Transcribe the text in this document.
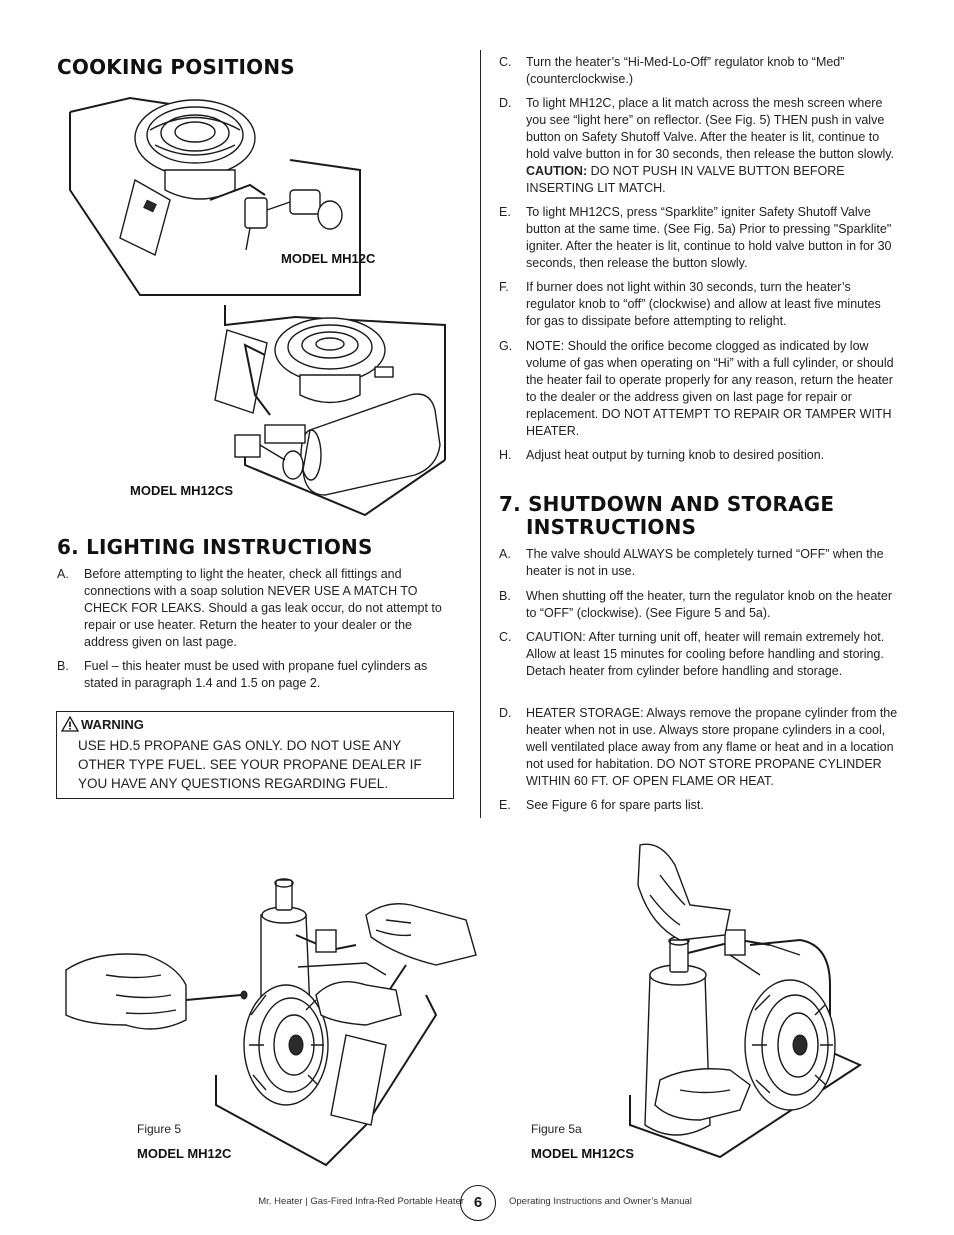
COOKING POSITIONS
MODEL MH12C
MODEL MH12CS
6. LIGHTING INSTRUCTIONS
A. Before attempting to light the heater, check all fittings and connections with a soap solution NEVER USE A MATCH TO CHECK FOR LEAKS. Should a gas leak occur, do not attempt to repair or use heater. Return the heater to your dealer or the address given on last page.
B. Fuel – this heater must be used with propane fuel cylinders as stated in paragraph 1.4 and 1.5 on page 2.
WARNING
USE HD.5 PROPANE GAS ONLY. DO NOT USE ANY OTHER TYPE FUEL. SEE YOUR PROPANE DEALER IF YOU HAVE ANY QUESTIONS REGARDING FUEL.
C. Turn the heater’s “Hi-Med-Lo-Off” regulator knob to “Med” (counterclockwise.)
D. To light MH12C, place a lit match across the mesh screen where you see “light here” on reflector. (See Fig. 5) THEN push in valve button on Safety Shutoff Valve. After the heater is lit, continue to hold valve button in for 30 seconds, then release the button slowly. CAUTION: DO NOT PUSH IN VALVE BUTTON BEFORE INSERTING LIT MATCH.
E. To light MH12CS, press “Sparklite” igniter Safety Shutoff Valve button at the same time. (See Fig. 5a) Prior to pressing "Sparklite" igniter. After the heater is lit, continue to hold valve button in for 30 seconds, then release the button slowly.
F. If burner does not light within 30 seconds, turn the heater’s regulator knob to “off” (clockwise) and allow at least five minutes for gas to dissipate before attempting to relight.
G. NOTE: Should the orifice become clogged as indicated by low volume of gas when operating on “Hi” with a full cylinder, or should the heater fail to operate properly for any reason, return the heater to the dealer or the address given on last page for repair or replacement. DO NOT ATTEMPT TO REPAIR OR TAMPER WITH HEATER.
H. Adjust heat output by turning knob to desired position.
7. SHUTDOWN AND STORAGE
INSTRUCTIONS
A. The valve should ALWAYS be completely turned “OFF” when the heater is not in use.
B. When shutting off the heater, turn the regulator knob on the heater to “OFF” (clockwise). (See Figure 5 and 5a).
C. CAUTION: After turning unit off, heater will remain extremely hot. Allow at least 15 minutes for cooling before handling and storing. Detach heater from cylinder before handling and storage.
D. HEATER STORAGE: Always remove the propane cylinder from the heater when not in use. Always store propane cylinders in a cool, well ventilated place away from any flame or heat and in a location not used for habitation. DO NOT STORE PROPANE CYLINDER WITHIN 60 FT. OF OPEN FLAME OR HEAT.
E. See Figure 6 for spare parts list.
Figure 5
MODEL MH12C
Figure 5a
MODEL MH12CS
Mr. Heater | Gas-Fired Infra-Red Portable Heater 6	Operating Instructions and Owner’s Manual
